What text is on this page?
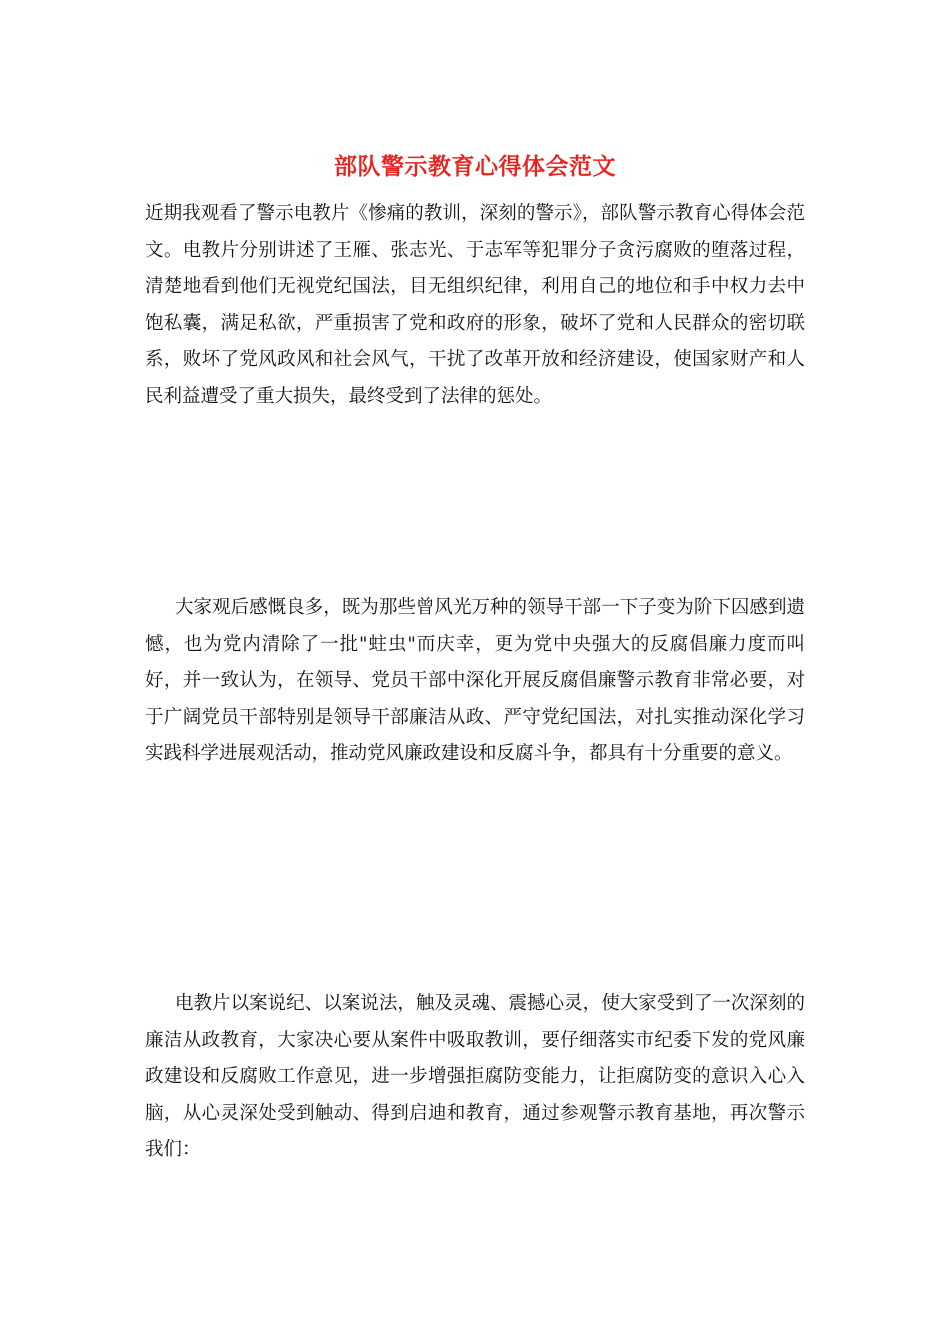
部队警示教育心得体会范文

近期我观看了警示电教片《惨痛的教训，深刻的警示》，部队警示教育心得体会范文。电教片分别讲述了王雁、张志光、于志军等犯罪分子贪污腐败的堕落过程，清楚地看到他们无视党纪国法，目无组织纪律，利用自己的地位和手中权力去中饱私囊，满足私欲，严重损害了党和政府的形象，破坏了党和人民群众的密切联系，败坏了党风政风和社会风气，干扰了改革开放和经济建设，使国家财产和人民利益遭受了重大损失，最终受到了法律的惩处。

大家观后感慨良多，既为那些曾风光万种的领导干部一下子变为阶下囚感到遗憾，也为党内清除了一批"蛀虫"而庆幸，更为党中央强大的反腐倡廉力度而叫好，并一致认为，在领导、党员干部中深化开展反腐倡廉警示教育非常必要，对于广阔党员干部特别是领导干部廉洁从政、严守党纪国法，对扎实推动深化学习实践科学进展观活动，推动党风廉政建设和反腐斗争，都具有十分重要的意义。

电教片以案说纪、以案说法，触及灵魂、震撼心灵，使大家受到了一次深刻的廉洁从政教育，大家决心要从案件中吸取教训，要仔细落实市纪委下发的党风廉政建设和反腐败工作意见，进一步增强拒腐防变能力，让拒腐防变的意识入心入脑，从心灵深处受到触动、得到启迪和教育，通过参观警示教育基地，再次警示我们：
